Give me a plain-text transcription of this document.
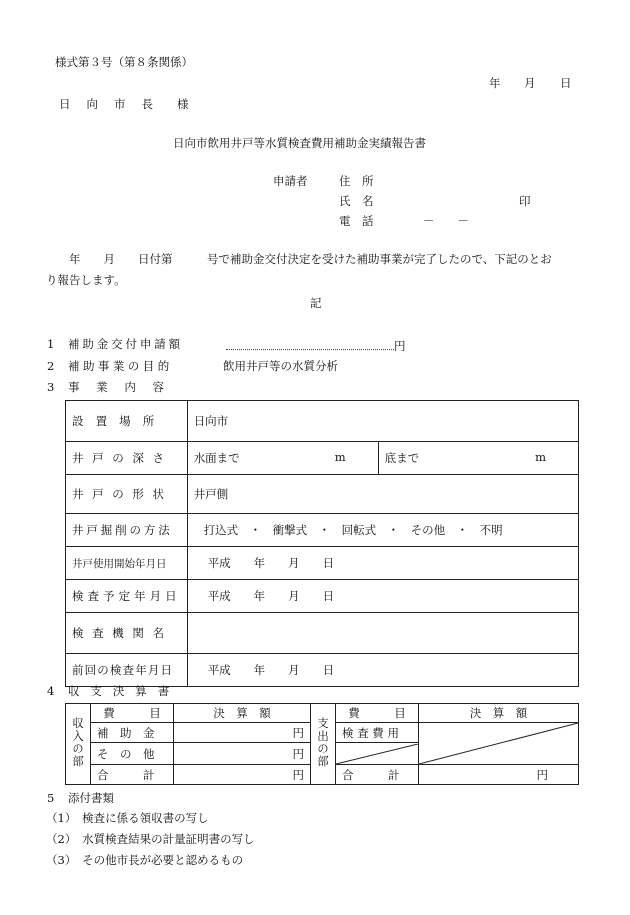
様式第３号（第８条関係）
年 月 日
日 向 市 長 様
日向市飲用井戸等水質検査費用補助金実績報告書
申請者	住　所
氏　名	印
電　話	－　　－
　　年　　月　　日付第　　　号で補助金交付決定を受けた補助事業が完了したので、下記のとお
り報告します。
記
1 補助金交付申請額	円
2 補助事業の目的	飲用井戸等の水質分析
3 事業内容
設置場所	日向市	
井戸の深さ	水面まで m	底まで m

井戸の形状	井戸側	
井戸掘削の方法	打込式　・　衝撃式　・　回転式　・　その他　・　不明	
井戸使用開始年月日	平成　　年　　月　　日	
検査予定年月日	平成　　年　　月　　日	
検査機関名		
前回の検査年月日	平成　　年　　月　　日	
4 収支決算書
収入の部	費　　　目	決　算　額	支出の部	費　　　目	決　算　額
	補　助　金	円		検 査 費 用	

	そ　の　他	円	

	合　　　計	円		合　　　計	円
5 添付書類
（1）　検査に係る領収書の写し
（2）　水質検査結果の計量証明書の写し
（3）　その他市長が必要と認めるもの
